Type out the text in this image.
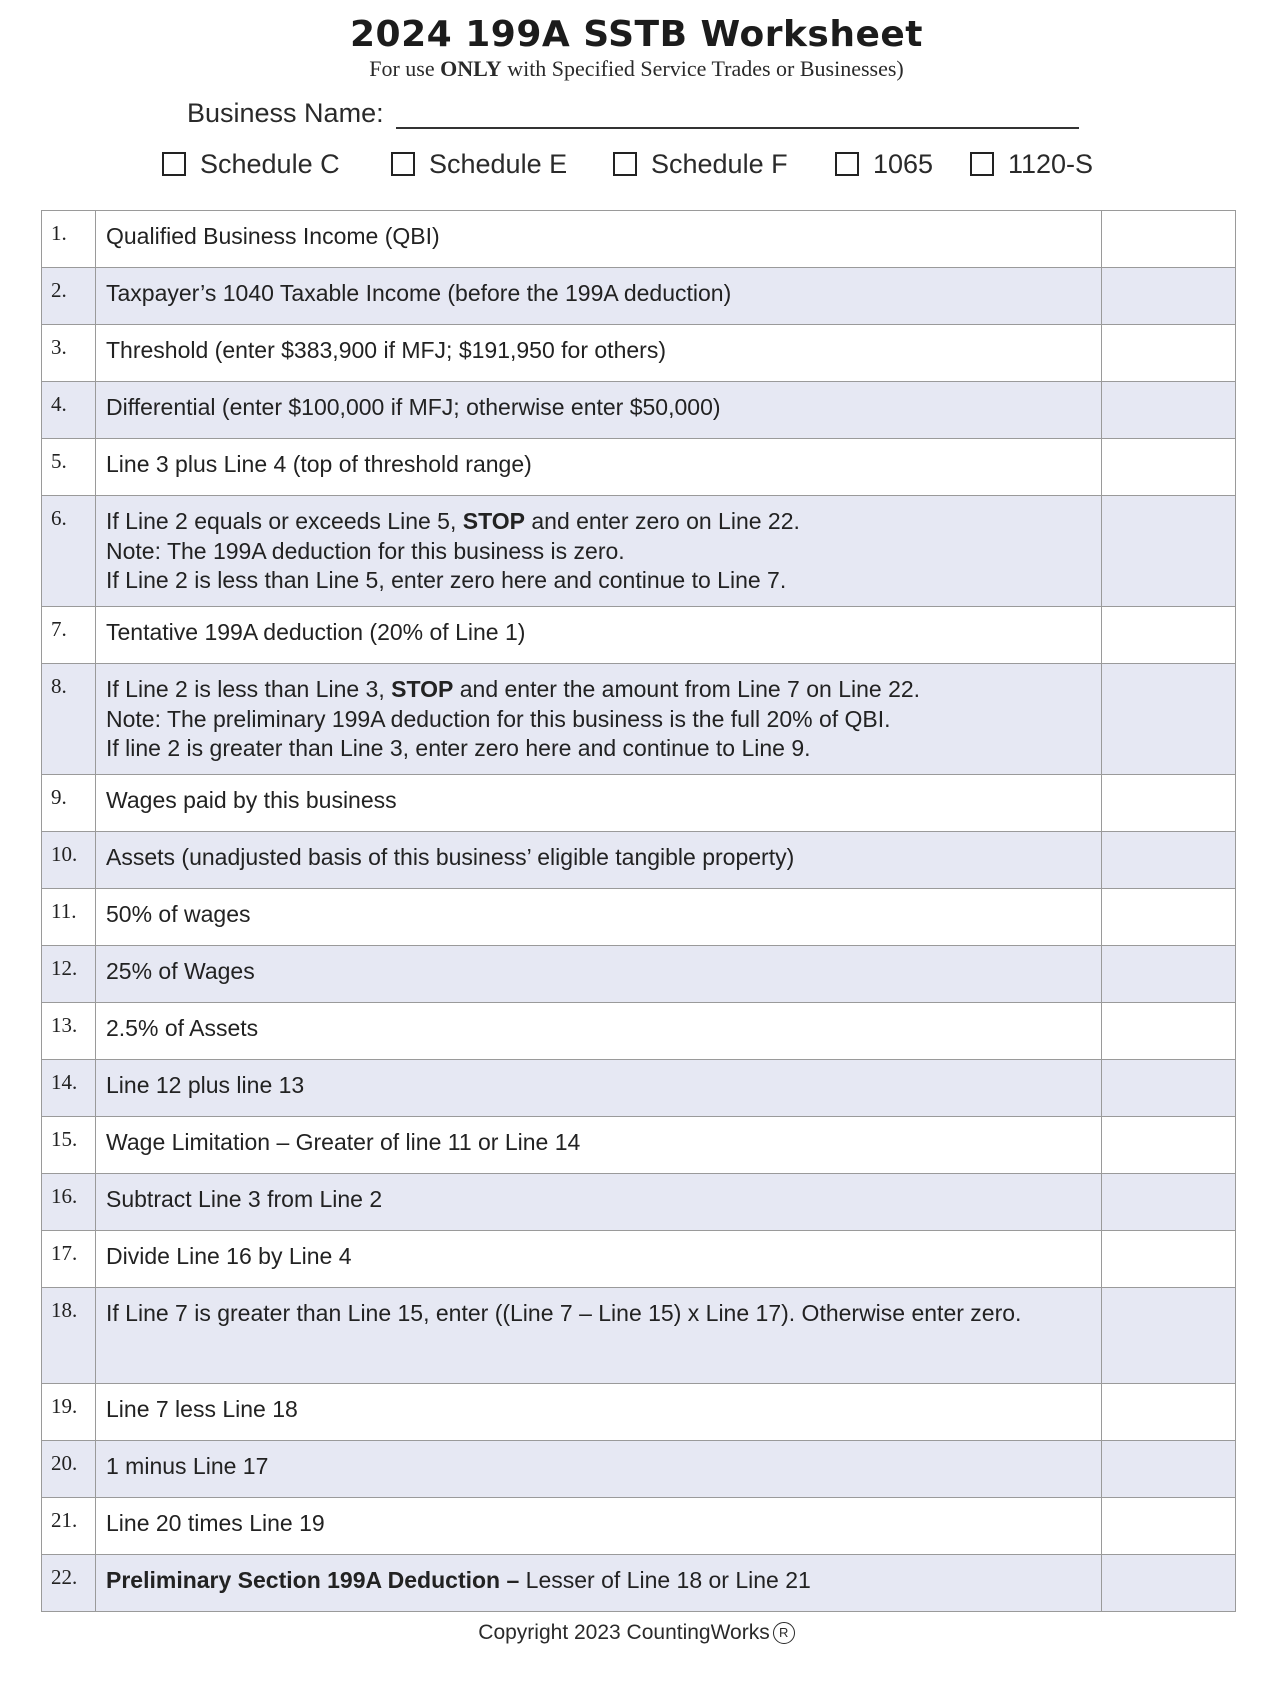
2024 199A SSTB Worksheet
For use ONLY with Specified Service Trades or Businesses)
Business Name:
Schedule C	Schedule E	Schedule F	1065	1120-S
1.	Qualified Business Income (QBI)	
2.	Taxpayer’s 1040 Taxable Income (before the 199A deduction)	
3.	Threshold (enter $383,900 if MFJ; $191,950 for others)	
4.	Differential (enter $100,000 if MFJ; otherwise enter $50,000)	
5.	Line 3 plus Line 4 (top of threshold range)	
6.	If Line 2 equals or exceeds Line 5, STOP and enter zero on Line 22.
Note: The 199A deduction for this business is zero.
If Line 2 is less than Line 5, enter zero here and continue to Line 7.	

7.	Tentative 199A deduction (20% of Line 1)	
8.	If Line 2 is less than Line 3, STOP and enter the amount from Line 7 on Line 22.
Note: The preliminary 199A deduction for this business is the full 20% of QBI.
If line 2 is greater than Line 3, enter zero here and continue to Line 9.	

9.	Wages paid by this business	
10.	Assets (unadjusted basis of this business’ eligible tangible property)	
11.	50% of wages	
12.	25% of Wages	
13.	2.5% of Assets	
14.	Line 12 plus line 13	
15.	Wage Limitation – Greater of line 11 or Line 14	
16.	Subtract Line 3 from Line 2	
17.	Divide Line 16 by Line 4	
18.	If Line 7 is greater than Line 15, enter ((Line 7 – Line 15) x Line 17). Otherwise enter zero.	
19.	Line 7 less Line 18	
20.	1 minus Line 17	
21.	Line 20 times Line 19	
22.	Preliminary Section 199A Deduction – Lesser of Line 18 or Line 21	
Copyright 2023 CountingWorks R
